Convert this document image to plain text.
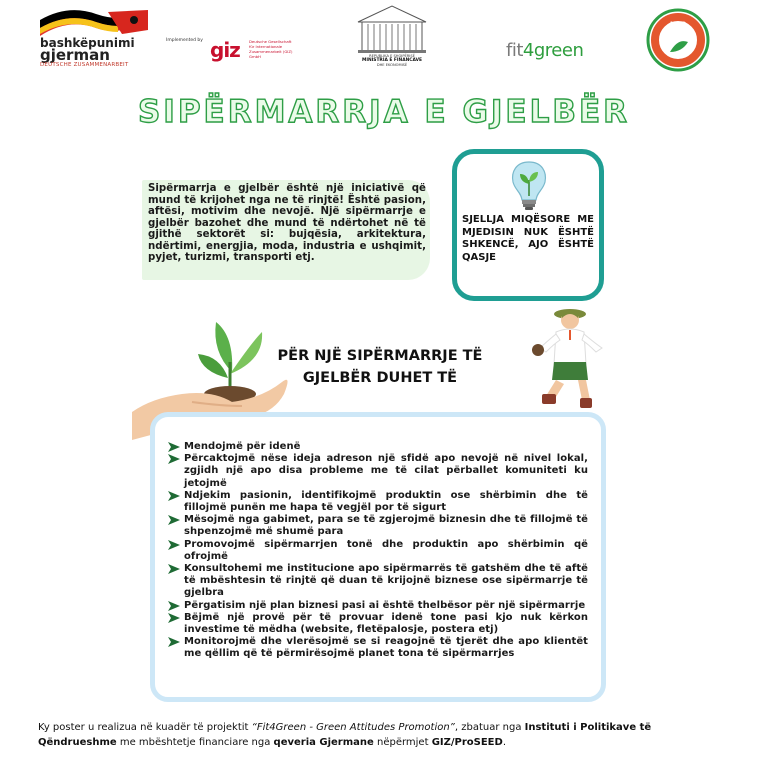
bashkëpunimi
gjerman
DEUTSCHE ZUSAMMENARBEIT
Implemented by giz Deutsche Gesellschaft für Internationale Zusammenarbeit (GIZ) GmbH	REPUBLIKA E SHQIPËRISË
MINISTRIA E FINANCAVE
DHE EKONOMISË
fit4green
ISP
SIPËRMARRJA E GJELBËR
Sipërmarrja e gjelbër është një iniciativë që mund të krijohet nga ne të rinjtë! Është pasion, aftësi, motivim dhe nevojë. Një sipërmarrje e gjelbër bazohet dhe mund të ndërtohet në të gjithë sektorët si: bujqësia, arkitektura, ndërtimi, energjia, moda, industria e ushqimit, pyjet, turizmi, transporti etj.
SJELLJA MIQËSORE ME MJEDISIN NUK ËSHTË SHKENCË, AJO ËSHTË QASJE
PËR NJË SIPËRMARRJE TË
GJELBËR DUHET TË
Mendojmë për idenë
Përcaktojmë nëse ideja adreson një sfidë apo nevojë në nivel lokal, zgjidh një apo disa probleme me të cilat përballet komuniteti ku jetojmë
Ndjekim pasionin, identifikojmë produktin ose shërbimin dhe të fillojmë punën me hapa të vegjël por të sigurt
Mësojmë nga gabimet, para se të zgjerojmë biznesin dhe të fillojmë të shpenzojmë më shumë para
Promovojmë sipërmarrjen tonë dhe produktin apo shërbimin që ofrojmë
Konsultohemi me institucione apo sipërmarrës të gatshëm dhe të aftë të mbështesin të rinjtë që duan të krijojnë biznese ose sipërmarrje të gjelbra
Përgatisim një plan biznesi pasi ai është thelbësor për një sipërmarrje
Bëjmë një provë për të provuar idenë tone pasi kjo nuk kërkon investime të mëdha (website, fletëpalosje, postera etj)
Monitorojmë dhe vlerësojmë se si reagojnë të tjerët dhe apo klientët me qëllim që të përmirësojmë planet tona të sipërmarrjes
Ky poster u realizua në kuadër të projektit “Fit4Green - Green Attitudes Promotion”, zbatuar nga Instituti i Politikave të Qëndrueshme me mbështetje financiare nga qeveria Gjermane nëpërmjet GIZ/ProSEED.
